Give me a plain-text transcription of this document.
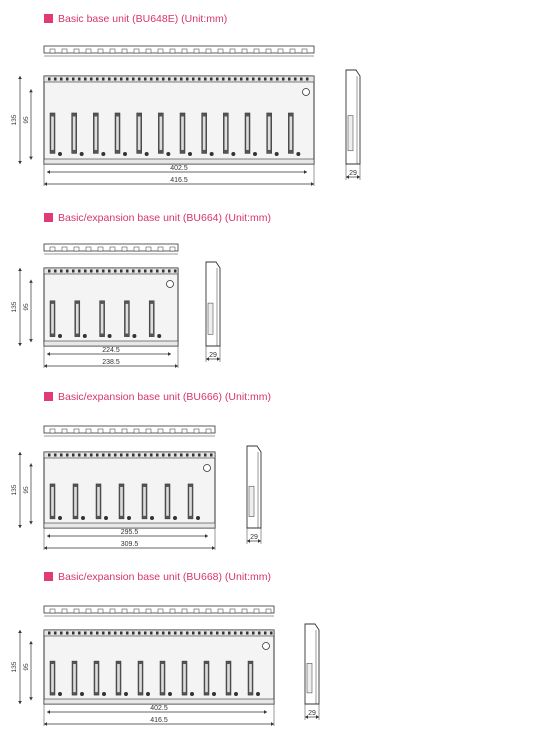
Basic base unit (BU648E) (Unit:mm)
135 95
402.5
416.5
29
Basic/expansion base unit (BU664) (Unit:mm)
135 95
224.5
238.5
29
Basic/expansion base unit (BU666) (Unit:mm)
135 95
295.5
309.5
29
Basic/expansion base unit (BU668) (Unit:mm)
135 95
402.5
416.5
29
